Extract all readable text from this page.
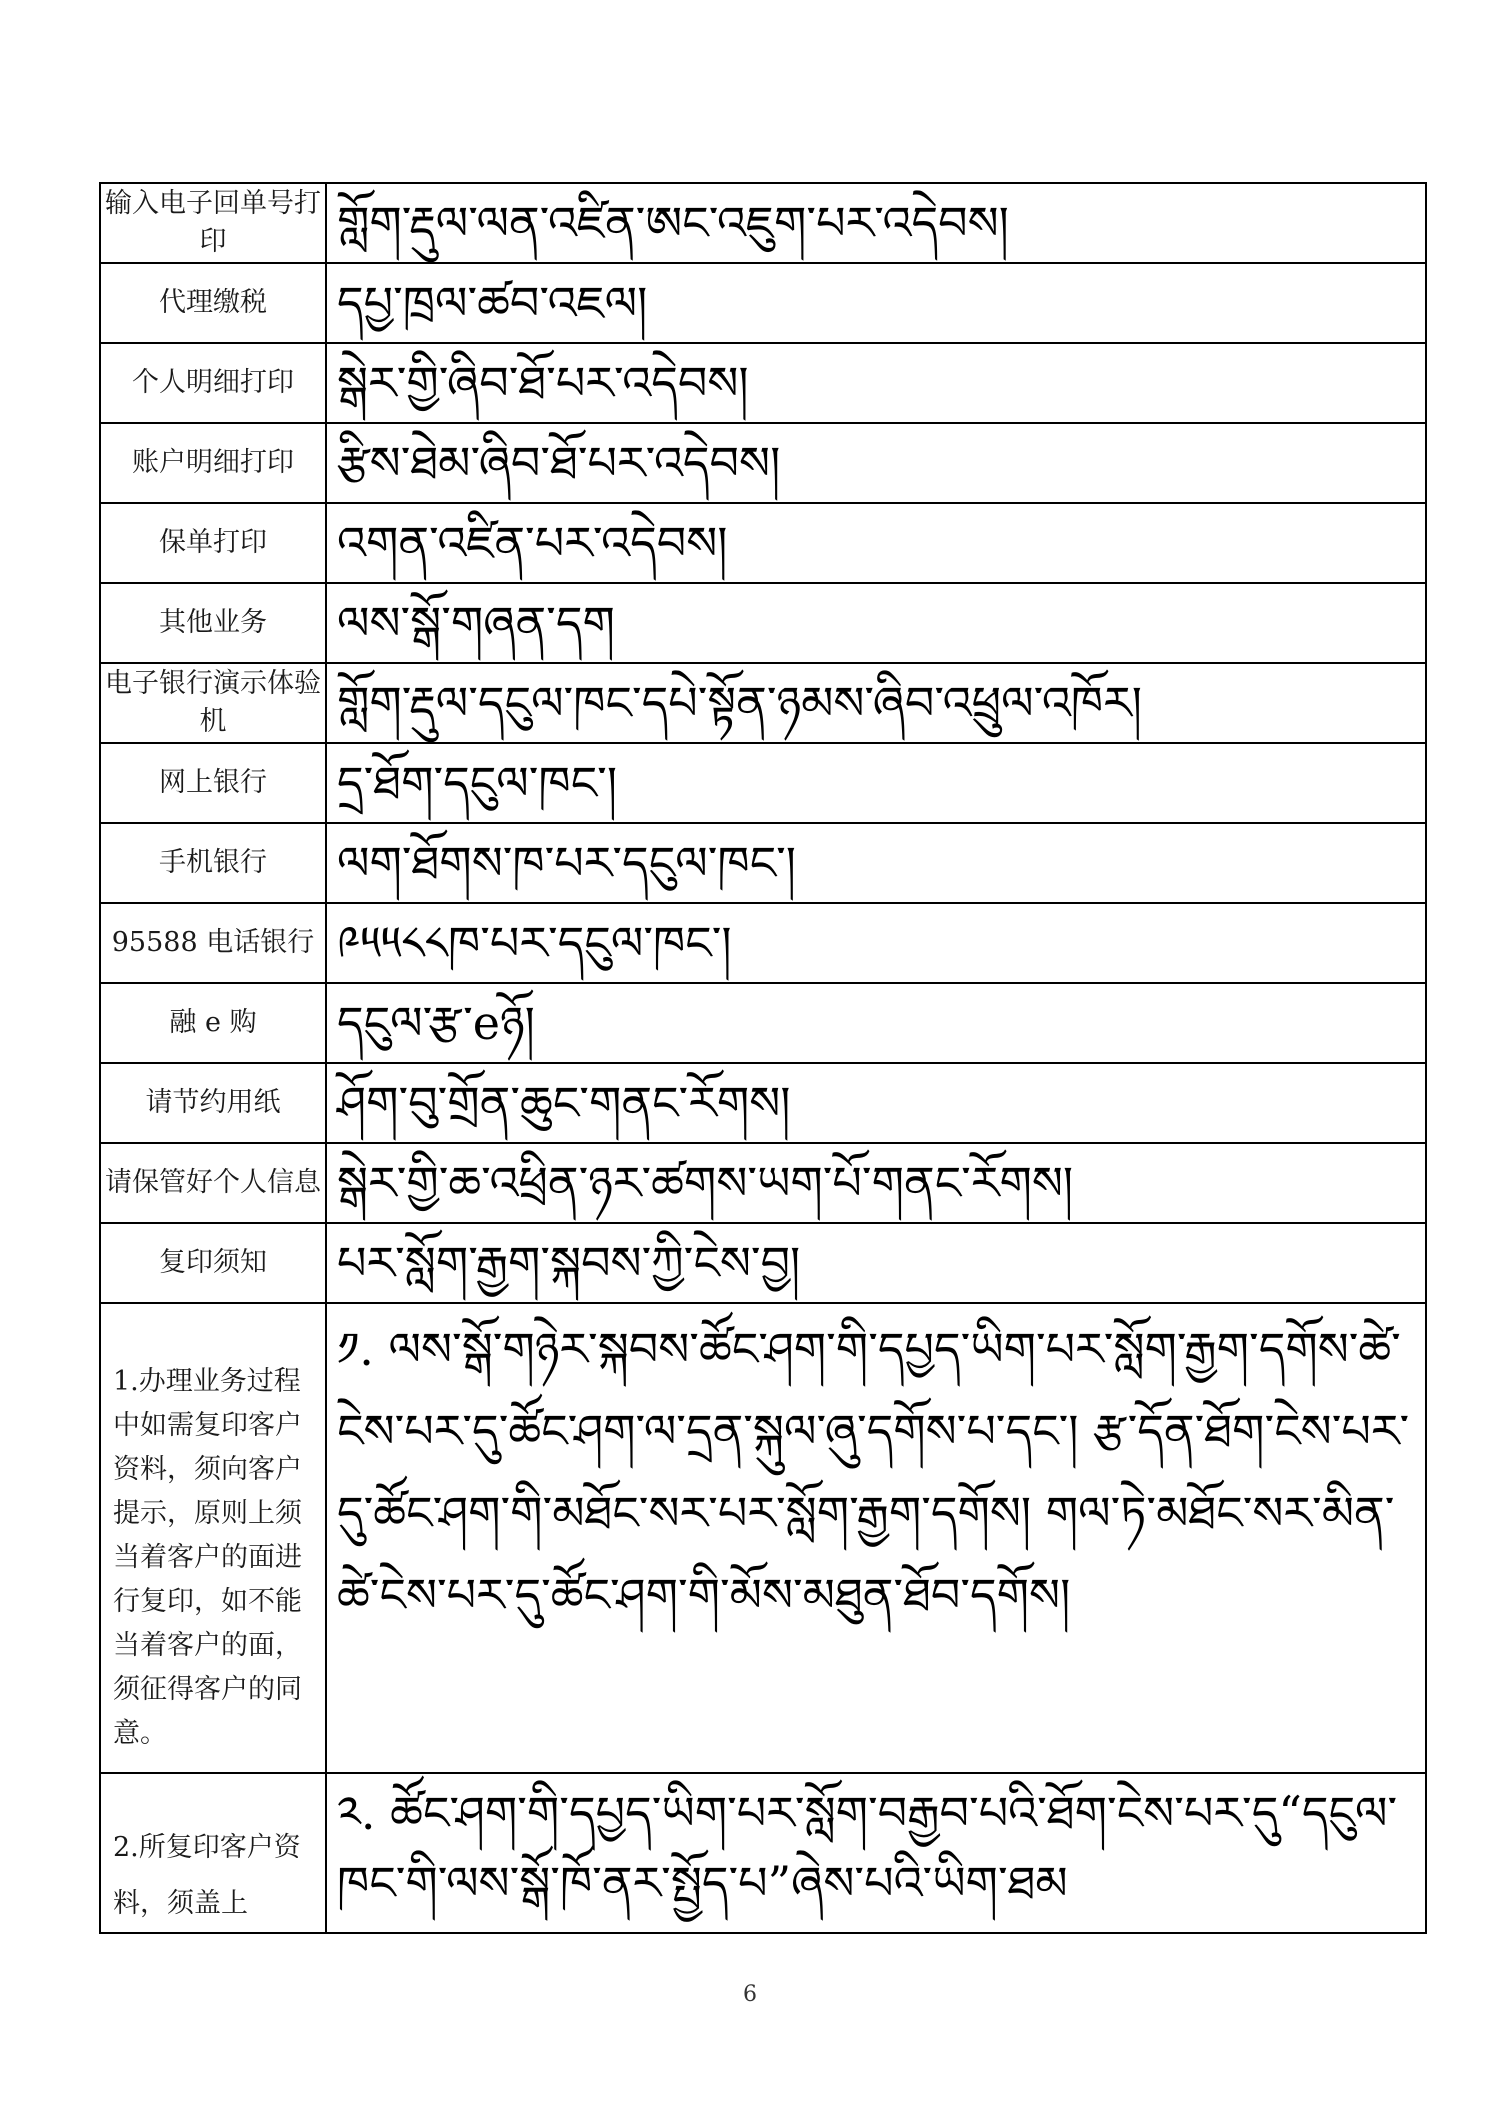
输入电子回单号打印	གློག་རྡུལ་ལན་འཛིན་ཨང་འཇུག་པར་འདེབས།
代理缴税	དཔྱ་ཁྲལ་ཚབ་འཇལ།
个人明细打印	སྒེར་གྱི་ཞིབ་ཐོ་པར་འདེབས།
账户明细打印	རྩིས་ཐེམ་ཞིབ་ཐོ་པར་འདེབས།
保单打印	འགན་འཛིན་པར་འདེབས།
其他业务	ལས་སྒོ་གཞན་དག
电子银行演示体验机	གློག་རྡུལ་དངུལ་ཁང་དཔེ་སྟོན་ཉམས་ཞིབ་འཕྲུལ་འཁོར།
网上银行	དྲ་ཐོག་དངུལ་ཁང་།
手机银行	ལག་ཐོགས་ཁ་པར་དངུལ་ཁང་།
95588 电话银行	༩༥༥༨༨ཁ་པར་དངུལ་ཁང་།
融 e 购	དངུལ་རྩ་eཉོ།
请节约用纸	ཤོག་བུ་གྲོན་ཆུང་གནང་རོགས།
请保管好个人信息	སྒེར་གྱི་ཆ་འཕྲིན་ཉར་ཚགས་ཡག་པོ་གནང་རོགས།
复印须知	པར་སློག་རྒྱག་སྐབས་ཀྱི་ངེས་བྱ།
1.办理业务过程中如需复印客户资料，须向客户提示，原则上须当着客户的面进行复印，如不能当着客户的面，须征得客户的同意。	༡. ལས་སྒོ་གཉེར་སྐབས་ཚོང་ཤག་གི་དཔྱད་ཡིག་པར་སློག་རྒྱག་དགོས་ཚེ་ངེས་པར་དུ་ཚོང་ཤག་ལ་དྲན་སྐུལ་ཞུ་དགོས་པ་དང་། རྩ་དོན་ཐོག་ངེས་པར་དུ་ཚོང་ཤག་གི་མཐོང་སར་པར་སློག་རྒྱག་དགོས། གལ་ཏེ་མཐོང་སར་མིན་ཚེ་ངེས་པར་དུ་ཚོང་ཤག་གི་མོས་མཐུན་ཐོབ་དགོས།
2.所复印客户资料，须盖上	༢. ཚོང་ཤག་གི་དཔྱད་ཡིག་པར་སློག་བརྒྱབ་པའི་ཐོག་ངེས་པར་དུ“དངུལ་ཁང་གི་ལས་སྒོ་ཁོ་ནར་སྤྱོད་པ”ཞེས་པའི་ཡིག་ཐམ
6
